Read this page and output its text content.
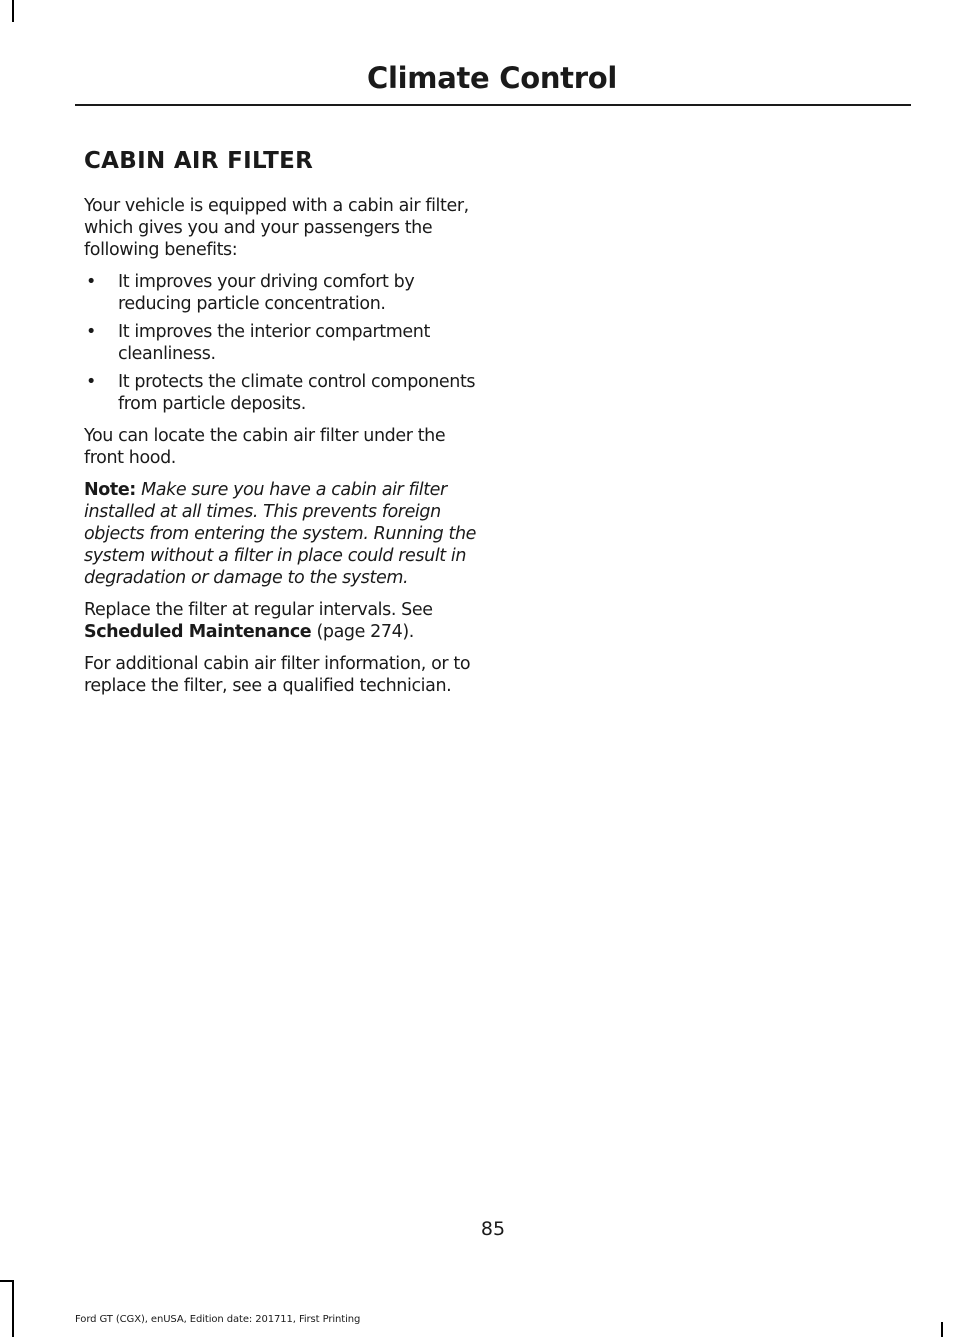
Climate Control
CABIN AIR FILTER

Your vehicle is equipped with a cabin air filter, which gives you and your passengers the following benefits:

•	It improves your driving comfort by reducing particle concentration.
•	It improves the interior compartment cleanliness.
•	It protects the climate control components from particle deposits.

You can locate the cabin air filter under the front hood.

Note: Make sure you have a cabin air filter installed at all times. This prevents foreign objects from entering the system. Running the system without a filter in place could result in degradation or damage to the system.

Replace the filter at regular intervals. See Scheduled Maintenance (page 274).

For additional cabin air filter information, or to replace the filter, see a qualified technician.

85
Ford GT (CGX), enUSA, Edition date: 201711, First Printing
